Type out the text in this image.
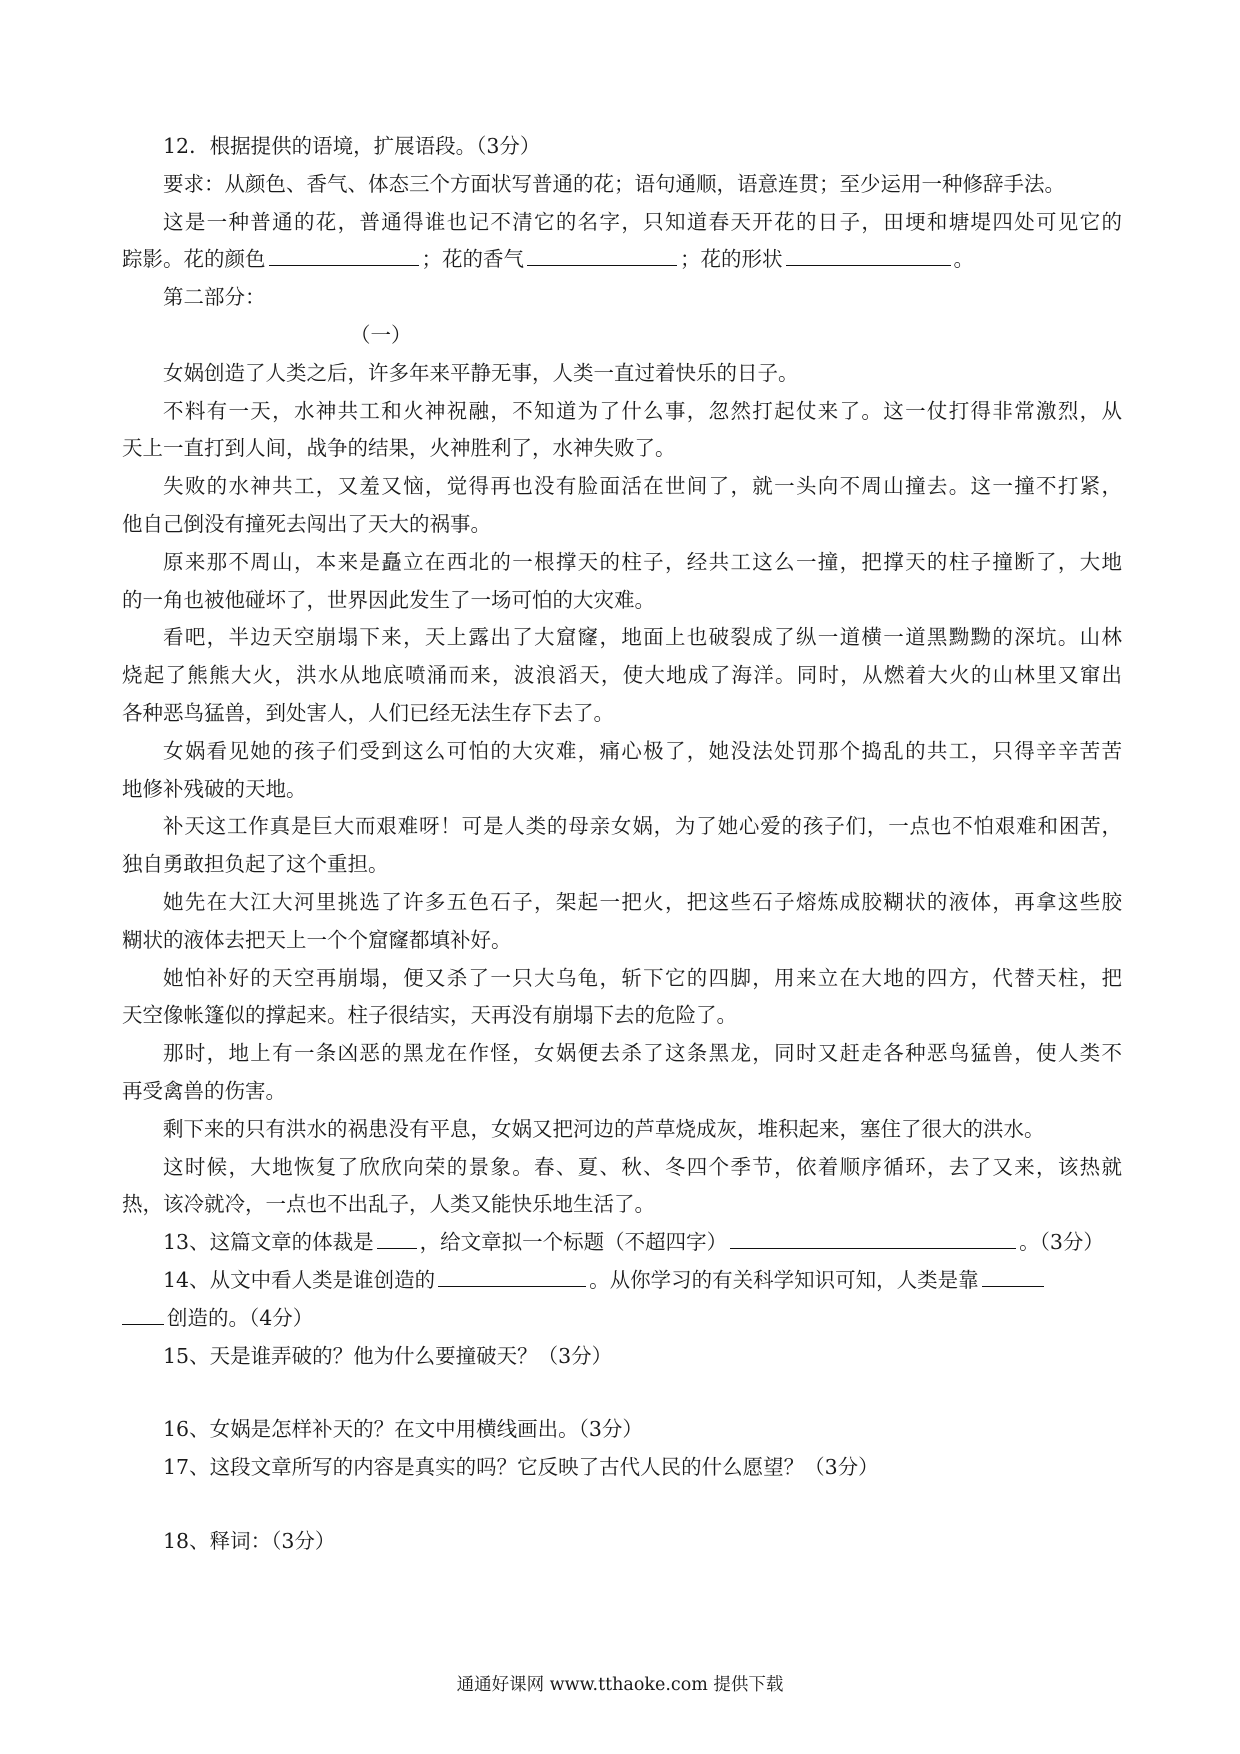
12．根据提供的语境，扩展语段。（3分）

要求：从颜色、香气、体态三个方面状写普通的花；语句通顺，语意连贯；至少运用一种修辞手法。

这是一种普通的花，普通得谁也记不清它的名字，只知道春天开花的日子，田埂和塘堤四处可见它的

踪影。花的颜色	；花的香气	；花的形状	。

第二部分：

（一）

女娲创造了人类之后，许多年来平静无事，人类一直过着快乐的日子。

不料有一天，水神共工和火神祝融，不知道为了什么事，忽然打起仗来了。这一仗打得非常激烈，从

天上一直打到人间，战争的结果，火神胜利了，水神失败了。

失败的水神共工，又羞又恼，觉得再也没有脸面活在世间了，就一头向不周山撞去。这一撞不打紧，

他自己倒没有撞死去闯出了天大的祸事。

原来那不周山，本来是矗立在西北的一根撑天的柱子，经共工这么一撞，把撑天的柱子撞断了，大地

的一角也被他碰坏了，世界因此发生了一场可怕的大灾难。

看吧，半边天空崩塌下来，天上露出了大窟窿，地面上也破裂成了纵一道横一道黑黝黝的深坑。山林

烧起了熊熊大火，洪水从地底喷涌而来，波浪滔天，使大地成了海洋。同时，从燃着大火的山林里又窜出

各种恶鸟猛兽，到处害人，人们已经无法生存下去了。

女娲看见她的孩子们受到这么可怕的大灾难，痛心极了，她没法处罚那个捣乱的共工，只得辛辛苦苦

地修补残破的天地。

补天这工作真是巨大而艰难呀！可是人类的母亲女娲，为了她心爱的孩子们，一点也不怕艰难和困苦，

独自勇敢担负起了这个重担。

她先在大江大河里挑选了许多五色石子，架起一把火，把这些石子熔炼成胶糊状的液体，再拿这些胶

糊状的液体去把天上一个个窟窿都填补好。

她怕补好的天空再崩塌，便又杀了一只大乌龟，斩下它的四脚，用来立在大地的四方，代替天柱，把

天空像帐篷似的撑起来。柱子很结实，天再没有崩塌下去的危险了。

那时，地上有一条凶恶的黑龙在作怪，女娲便去杀了这条黑龙，同时又赶走各种恶鸟猛兽，使人类不

再受禽兽的伤害。

剩下来的只有洪水的祸患没有平息，女娲又把河边的芦草烧成灰，堆积起来，塞住了很大的洪水。

这时候，大地恢复了欣欣向荣的景象。春、夏、秋、冬四个季节，依着顺序循环，去了又来，该热就

热，该冷就冷，一点也不出乱子，人类又能快乐地生活了。

13、这篇文章的体裁是 ，给文章拟一个标题（不超四字）	。（3分）

14、从文中看人类是谁创造的	。从你学习的有关科学知识可知，人类是靠

创造的。（4分）

15、天是谁弄破的？他为什么要撞破天？（3分）

16、女娲是怎样补天的？在文中用横线画出。（3分）

17、这段文章所写的内容是真实的吗？它反映了古代人民的什么愿望？（3分）

18、释词：（3分）

通通好课网 www.tthaoke.com 提供下载
